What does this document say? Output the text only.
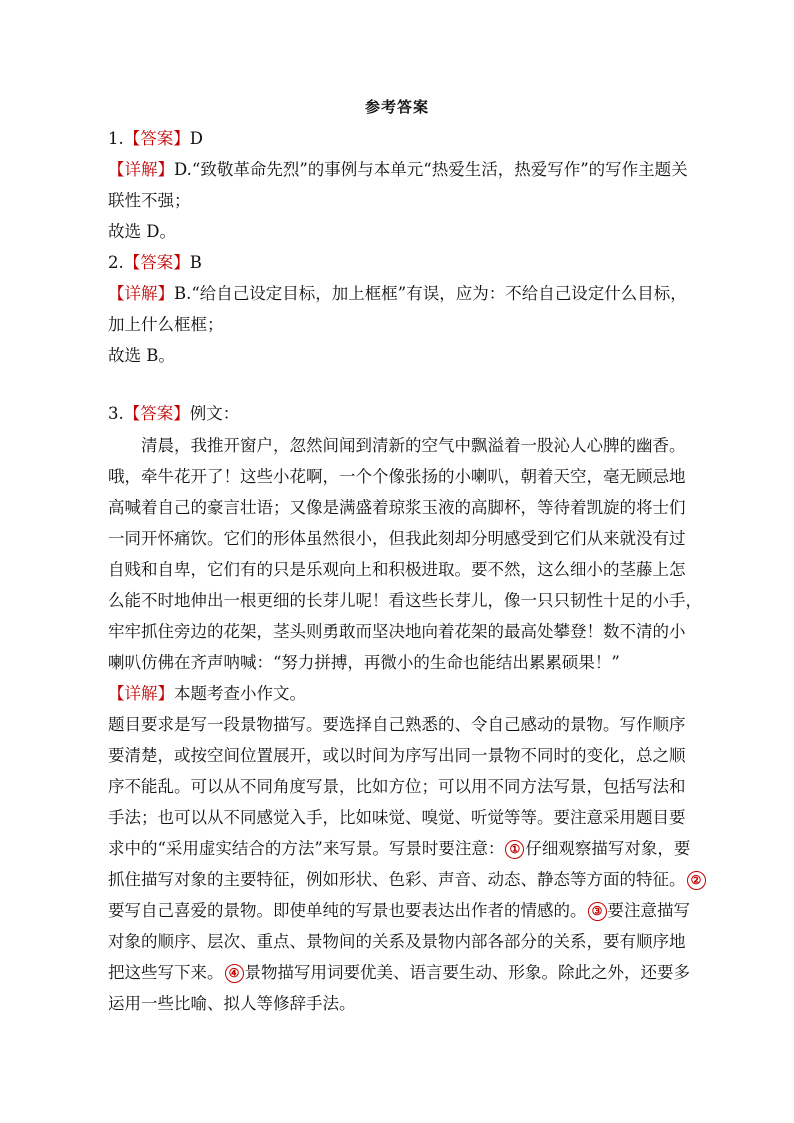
参考答案
1.【答案】D
【详解】D.“致敬革命先烈”的事例与本单元“热爱生活，热爱写作”的写作主题关
联性不强；
故选 D。
2.【答案】B
【详解】B.“给自己设定目标，加上框框”有误，应为：不给自己设定什么目标，
加上什么框框；
故选 B。
3.【答案】例文：
清晨，我推开窗户，忽然间闻到清新的空气中飘溢着一股沁人心脾的幽香。
哦，牵牛花开了！这些小花啊，一个个像张扬的小喇叭，朝着天空，毫无顾忌地
高喊着自己的豪言壮语；又像是满盛着琼浆玉液的高脚杯，等待着凯旋的将士们
一同开怀痛饮。它们的形体虽然很小，但我此刻却分明感受到它们从来就没有过
自贱和自卑，它们有的只是乐观向上和积极进取。要不然，这么细小的茎藤上怎
么能不时地伸出一根更细的长芽儿呢！看这些长芽儿，像一只只韧性十足的小手，
牢牢抓住旁边的花架，茎头则勇敢而坚决地向着花架的最高处攀登！数不清的小
喇叭仿佛在齐声呐喊：“努力拼搏，再微小的生命也能结出累累硕果！”
【详解】本题考查小作文。
题目要求是写一段景物描写。要选择自己熟悉的、令自己感动的景物。写作顺序
要清楚，或按空间位置展开，或以时间为序写出同一景物不同时的变化，总之顺
序不能乱。可以从不同角度写景，比如方位；可以用不同方法写景，包括写法和
手法；也可以从不同感觉入手，比如味觉、嗅觉、听觉等等。要注意采用题目要
求中的“采用虚实结合的方法”来写景。写景时要注意： ① 仔细观察描写对象，要
抓住描写对象的主要特征，例如形状、色彩、声音、动态、静态等方面的特征。 ②
要写自己喜爱的景物。即使单纯的写景也要表达出作者的情感的。 ③ 要注意描写
对象的顺序、层次、重点、景物间的关系及景物内部各部分的关系，要有顺序地
把这些写下来。 ④ 景物描写用词要优美、语言要生动、形象。除此之外，还要多
运用一些比喻、拟人等修辞手法。
